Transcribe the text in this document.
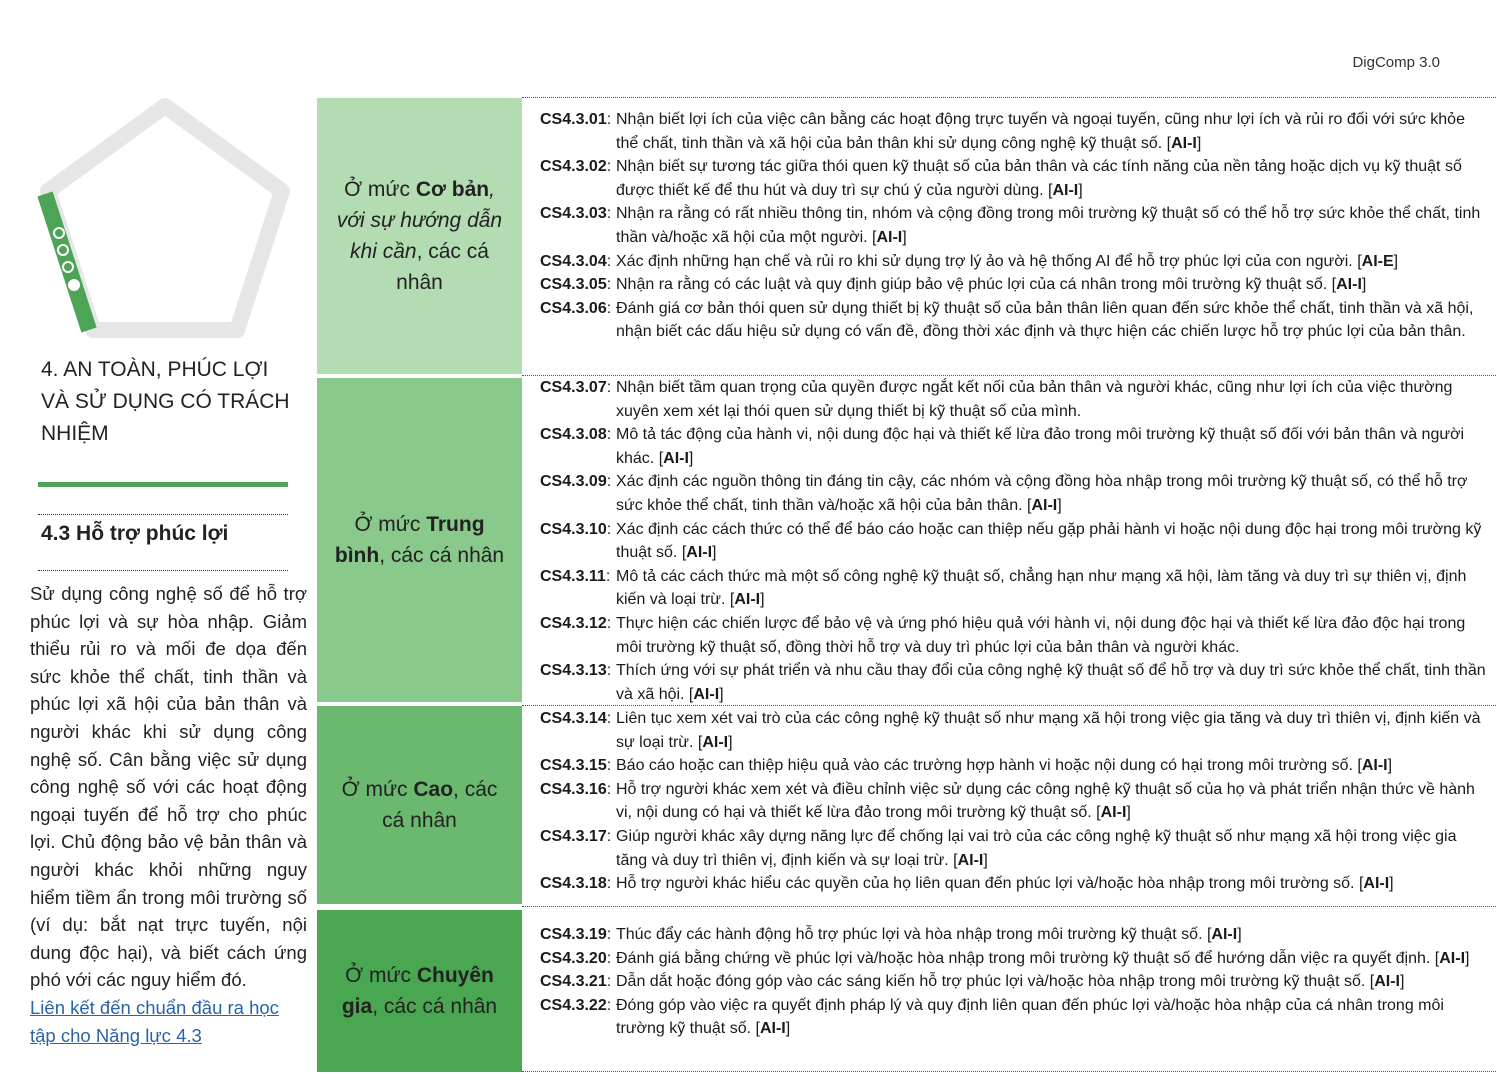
DigComp 3.0
4. AN TOÀN, PHÚC LỢI VÀ SỬ DỤNG CÓ TRÁCH NHIỆM
4.3 Hỗ trợ phúc lợi
Sử dụng công nghệ số để hỗ trợ phúc lợi và sự hòa nhập. Giảm thiểu rủi ro và mối đe dọa đến sức khỏe thể chất, tinh thần và phúc lợi xã hội của bản thân và người khác khi sử dụng công nghệ số. Cân bằng việc sử dụng công nghệ số với các hoạt động ngoại tuyến để hỗ trợ cho phúc lợi. Chủ động bảo vệ bản thân và người khác khỏi những nguy hiểm tiềm ẩn trong môi trường số (ví dụ: bắt nạt trực tuyến, nội dung độc hại), và biết cách ứng phó với các nguy hiểm đó.
Liên kết đến chuẩn đầu ra học tập cho Năng lực 4.3
Ở mức Cơ bản, với sự hướng dẫn khi cần, các cá nhân
Ở mức Trung bình, các cá nhân
Ở mức Cao, các cá nhân
Ở mức Chuyên gia, các cá nhân
CS4.3.01 : Nhận biết lợi ích của việc cân bằng các hoạt động trực tuyến và ngoại tuyến, cũng như lợi ích và rủi ro đối với sức khỏe thể chất, tinh thần và xã hội của bản thân khi sử dụng công nghệ kỹ thuật số. [AI-I]
CS4.3.02 : Nhận biết sự tương tác giữa thói quen kỹ thuật số của bản thân và các tính năng của nền tảng hoặc dịch vụ kỹ thuật số được thiết kế để thu hút và duy trì sự chú ý của người dùng. [AI-I]
CS4.3.03 : Nhận ra rằng có rất nhiều thông tin, nhóm và cộng đồng trong môi trường kỹ thuật số có thể hỗ trợ sức khỏe thể chất, tinh thần và/hoặc xã hội của một người. [AI-I]
CS4.3.04 : Xác định những hạn chế và rủi ro khi sử dụng trợ lý ảo và hệ thống AI để hỗ trợ phúc lợi của con người. [AI-E]
CS4.3.05 : Nhận ra rằng có các luật và quy định giúp bảo vệ phúc lợi của cá nhân trong môi trường kỹ thuật số. [AI-I]
CS4.3.06 : Đánh giá cơ bản thói quen sử dụng thiết bị kỹ thuật số của bản thân liên quan đến sức khỏe thể chất, tinh thần và xã hội, nhận biết các dấu hiệu sử dụng có vấn đề, đồng thời xác định và thực hiện các chiến lược hỗ trợ phúc lợi của bản thân.
CS4.3.07 : Nhận biết tầm quan trọng của quyền được ngắt kết nối của bản thân và người khác, cũng như lợi ích của việc thường xuyên xem xét lại thói quen sử dụng thiết bị kỹ thuật số của mình.
CS4.3.08 : Mô tả tác động của hành vi, nội dung độc hại và thiết kế lừa đảo trong môi trường kỹ thuật số đối với bản thân và người khác. [AI-I]
CS4.3.09 : Xác định các nguồn thông tin đáng tin cậy, các nhóm và cộng đồng hòa nhập trong môi trường kỹ thuật số, có thể hỗ trợ sức khỏe thể chất, tinh thần và/hoặc xã hội của bản thân. [AI-I]
CS4.3.10 : Xác định các cách thức có thể để báo cáo hoặc can thiệp nếu gặp phải hành vi hoặc nội dung độc hại trong môi trường kỹ thuật số. [AI-I]
CS4.3.11 : Mô tả các cách thức mà một số công nghệ kỹ thuật số, chẳng hạn như mạng xã hội, làm tăng và duy trì sự thiên vị, định kiến và loại trừ. [AI-I]
CS4.3.12 : Thực hiện các chiến lược để bảo vệ và ứng phó hiệu quả với hành vi, nội dung độc hại và thiết kế lừa đảo độc hại trong môi trường kỹ thuật số, đồng thời hỗ trợ và duy trì phúc lợi của bản thân và người khác.
CS4.3.13 : Thích ứng với sự phát triển và nhu cầu thay đổi của công nghệ kỹ thuật số để hỗ trợ và duy trì sức khỏe thể chất, tinh thần và xã hội. [AI-I]
CS4.3.14 : Liên tục xem xét vai trò của các công nghệ kỹ thuật số như mạng xã hội trong việc gia tăng và duy trì thiên vị, định kiến và sự loại trừ. [AI-I]
CS4.3.15 : Báo cáo hoặc can thiệp hiệu quả vào các trường hợp hành vi hoặc nội dung có hại trong môi trường số. [AI-I]
CS4.3.16 : Hỗ trợ người khác xem xét và điều chỉnh việc sử dụng các công nghệ kỹ thuật số của họ và phát triển nhận thức về hành vi, nội dung có hại và thiết kế lừa đảo trong môi trường kỹ thuật số. [AI-I]
CS4.3.17 : Giúp người khác xây dựng năng lực để chống lại vai trò của các công nghệ kỹ thuật số như mạng xã hội trong việc gia tăng và duy trì thiên vị, định kiến và sự loại trừ. [AI-I]
CS4.3.18 : Hỗ trợ người khác hiểu các quyền của họ liên quan đến phúc lợi và/hoặc hòa nhập trong môi trường số. [AI-I]
CS4.3.19 : Thúc đẩy các hành động hỗ trợ phúc lợi và hòa nhập trong môi trường kỹ thuật số. [AI-I]
CS4.3.20 : Đánh giá bằng chứng về phúc lợi và/hoặc hòa nhập trong môi trường kỹ thuật số để hướng dẫn việc ra quyết định. [AI-I]
CS4.3.21 : Dẫn dắt hoặc đóng góp vào các sáng kiến hỗ trợ phúc lợi và/hoặc hòa nhập trong môi trường kỹ thuật số. [AI-I]
CS4.3.22 : Đóng góp vào việc ra quyết định pháp lý và quy định liên quan đến phúc lợi và/hoặc hòa nhập của cá nhân trong môi trường kỹ thuật số. [AI-I]
